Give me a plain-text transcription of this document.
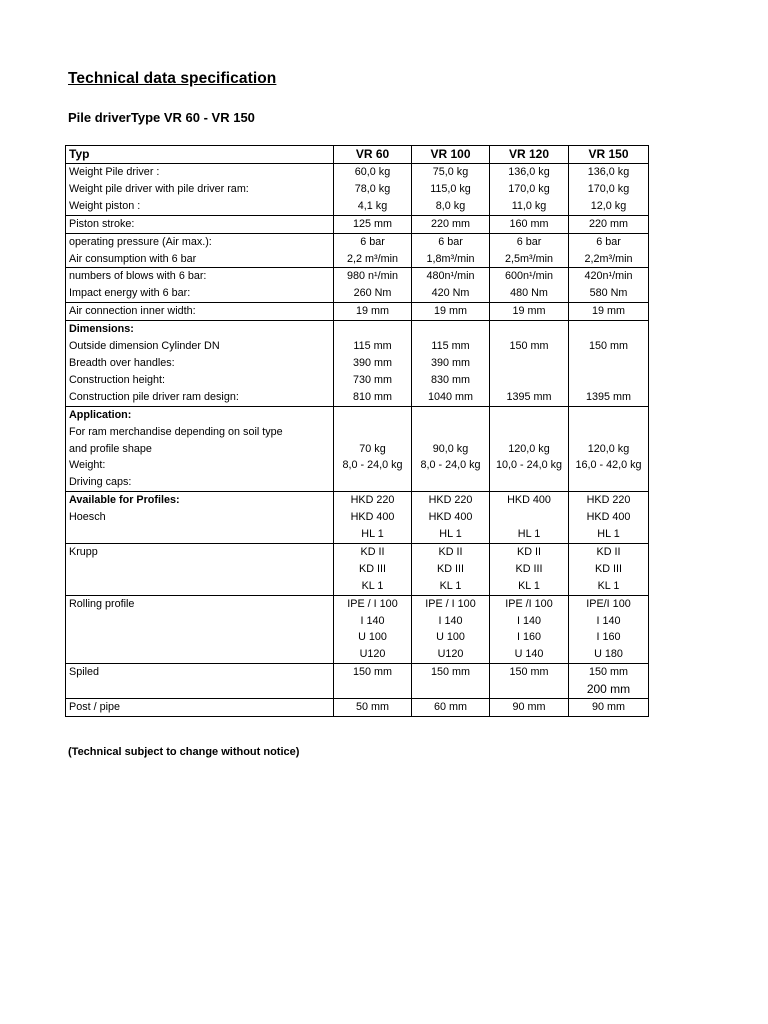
Technical data specification
Pile driverType VR 60 - VR 150
Typ	VR 60	VR 100	VR 120	VR 150
Weight Pile driver :	60,0 kg	75,0 kg	136,0 kg	136,0 kg
Weight pile driver with pile driver ram:	78,0 kg	115,0 kg	170,0 kg	170,0 kg
Weight piston :	4,1 kg	8,0 kg	11,0 kg	12,0 kg
Piston stroke:	125 mm	220 mm	160 mm	220 mm
operating pressure (Air max.):	6 bar	6 bar	6 bar	6 bar
Air consumption with 6 bar	2,2 m³/min	1,8m³/min	2,5m³/min	2,2m³/min
numbers of blows with 6 bar:	980 n¹/min	480n¹/min	600n¹/min	420n¹/min
Impact energy with 6 bar:	260 Nm	420 Nm	480 Nm	580 Nm
Air connection inner width:	19 mm	19 mm	19 mm	19 mm
Dimensions:				
Outside dimension Cylinder DN	115 mm	115 mm	150 mm	150 mm
Breadth over handles:	390 mm	390 mm		
Construction height:	730 mm	830 mm		
Construction pile driver ram design:	810 mm	1040 mm	1395 mm	1395 mm
Application:				
For ram merchandise depending on soil type				
and profile shape	70 kg	90,0 kg	120,0 kg	120,0 kg
Weight:	8,0 - 24,0 kg	8,0 - 24,0 kg	10,0 - 24,0 kg	16,0 - 42,0 kg
Driving caps:				
Available for Profiles:	HKD 220	HKD 220	HKD 400	HKD 220
Hoesch	HKD 400	HKD 400		HKD 400
	HL 1	HL 1	HL 1	HL 1
Krupp	KD II	KD II	KD II	KD II
	KD III	KD III	KD III	KD III
	KL 1	KL 1	KL 1	KL 1
Rolling profile	IPE / I 100	IPE / I 100	IPE /I 100	IPE/I 100
	I 140	I 140	I 140	I 140
	U 100	U 100	I 160	I 160
	U120	U120	U 140	U 180
Spiled	150 mm	150 mm	150 mm	150 mm
				200 mm
Post / pipe	50 mm	60 mm	90 mm	90 mm
(Technical subject to change without notice)
